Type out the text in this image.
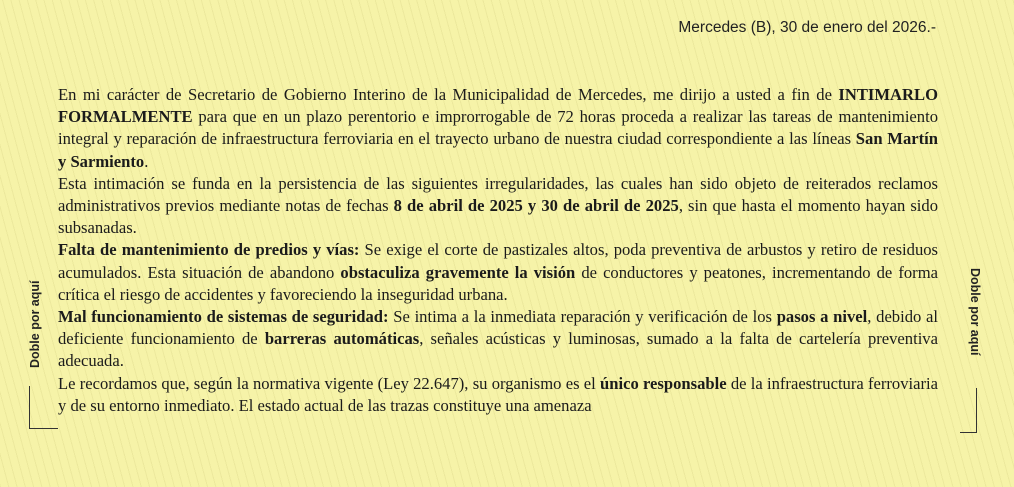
Mercedes (B), 30 de enero del 2026.-
Doble por aquí	Doble por aquí

En mi carácter de Secretario de Gobierno Interino de la Municipalidad de Mercedes, me dirijo a usted a fin de INTIMARLO FORMALMENTE para que en un plazo perentorio e improrrogable de 72 horas proceda a realizar las tareas de mantenimiento integral y reparación de infraestructura ferroviaria en el trayecto urbano de nuestra ciudad correspondiente a las líneas San Martín y Sarmiento.

Esta intimación se funda en la persistencia de las siguientes irregularidades, las cuales han sido objeto de reiterados reclamos administrativos previos mediante notas de fechas 8 de abril de 2025 y 30 de abril de 2025, sin que hasta el momento hayan sido subsanadas.

Falta de mantenimiento de predios y vías: Se exige el corte de pastizales altos, poda preventiva de arbustos y retiro de residuos acumulados. Esta situación de abandono obstaculiza gravemente la visión de conductores y peatones, incrementando de forma crítica el riesgo de accidentes y favoreciendo la inseguridad urbana.

Mal funcionamiento de sistemas de seguridad: Se intima a la inmediata reparación y verificación de los pasos a nivel, debido al deficiente funcionamiento de barreras automáticas, señales acústicas y luminosas, sumado a la falta de cartelería preventiva adecuada.

Le recordamos que, según la normativa vigente (Ley 22.647), su organismo es el único responsable de la infraestructura ferroviaria y de su entorno inmediato. El estado actual de las trazas constituye una amenaza
